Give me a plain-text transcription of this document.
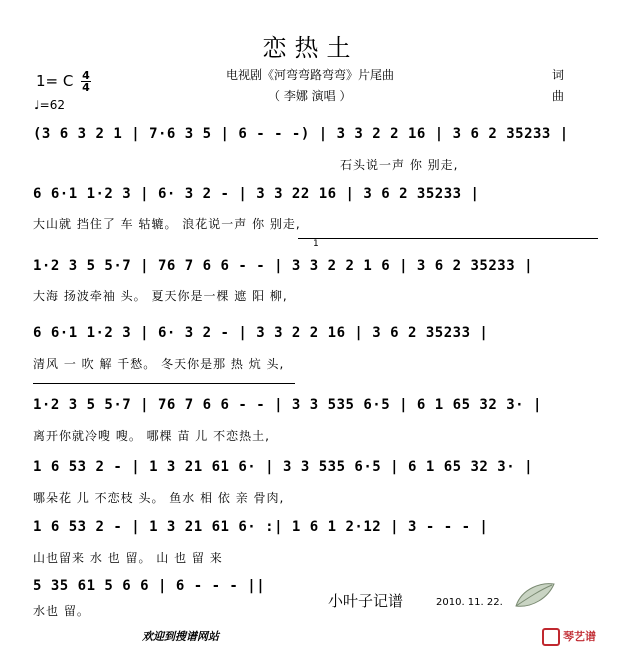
恋热土
电视剧《河弯弯路弯弯》片尾曲
（ 李娜 演唱 ）
词
曲
1= C 4
4
♩=62
(3 6 3 2 1 | 7·6 3 5 | 6 - - -) | 3 3 2 2 16 | 3 6 2 35233 |
石头说一声 你 别走,
6 6·1 1·2 3 | 6· 3 2 - | 3 3 22 16 | 3 6 2 35233 |
大山就 挡住了 车 轱辘。 浪花说一声 你 别走,
1
1·2 3 5 5·7 | 76 7 6 6 - - | 3 3 2 2 1 6 | 3 6 2 35233 |
大海 扬波牵袖 头。 夏天你是一棵 遮 阳 柳,
6 6·1 1·2 3 | 6· 3 2 - | 3 3 2 2 16 | 3 6 2 35233 |
清风 一 吹 解 千愁。 冬天你是那 热 炕 头,
1·2 3 5 5·7 | 76 7 6 6 - - | 3 3 535 6·5 | 6 1 65 32 3· |
离开你就冷嗖 嗖。 哪棵 苗 儿 不恋热土,
1 6 53 2 - | 1 3 21 61 6· | 3 3 535 6·5 | 6 1 65 32 3· |
哪朵花 儿 不恋枝 头。 鱼水 相 依 亲 骨肉,
1 6 53 2 - | 1 3 21 61 6· :| 1 6 1 2·12 | 3 - - - |
山也留来 水 也 留。 山 也 留 来
5 35 61 5 6 6 | 6 - - - ||
水也 留。
小叶子记谱	2010. 11. 22.
欢迎到搜谱网站	琴艺谱
